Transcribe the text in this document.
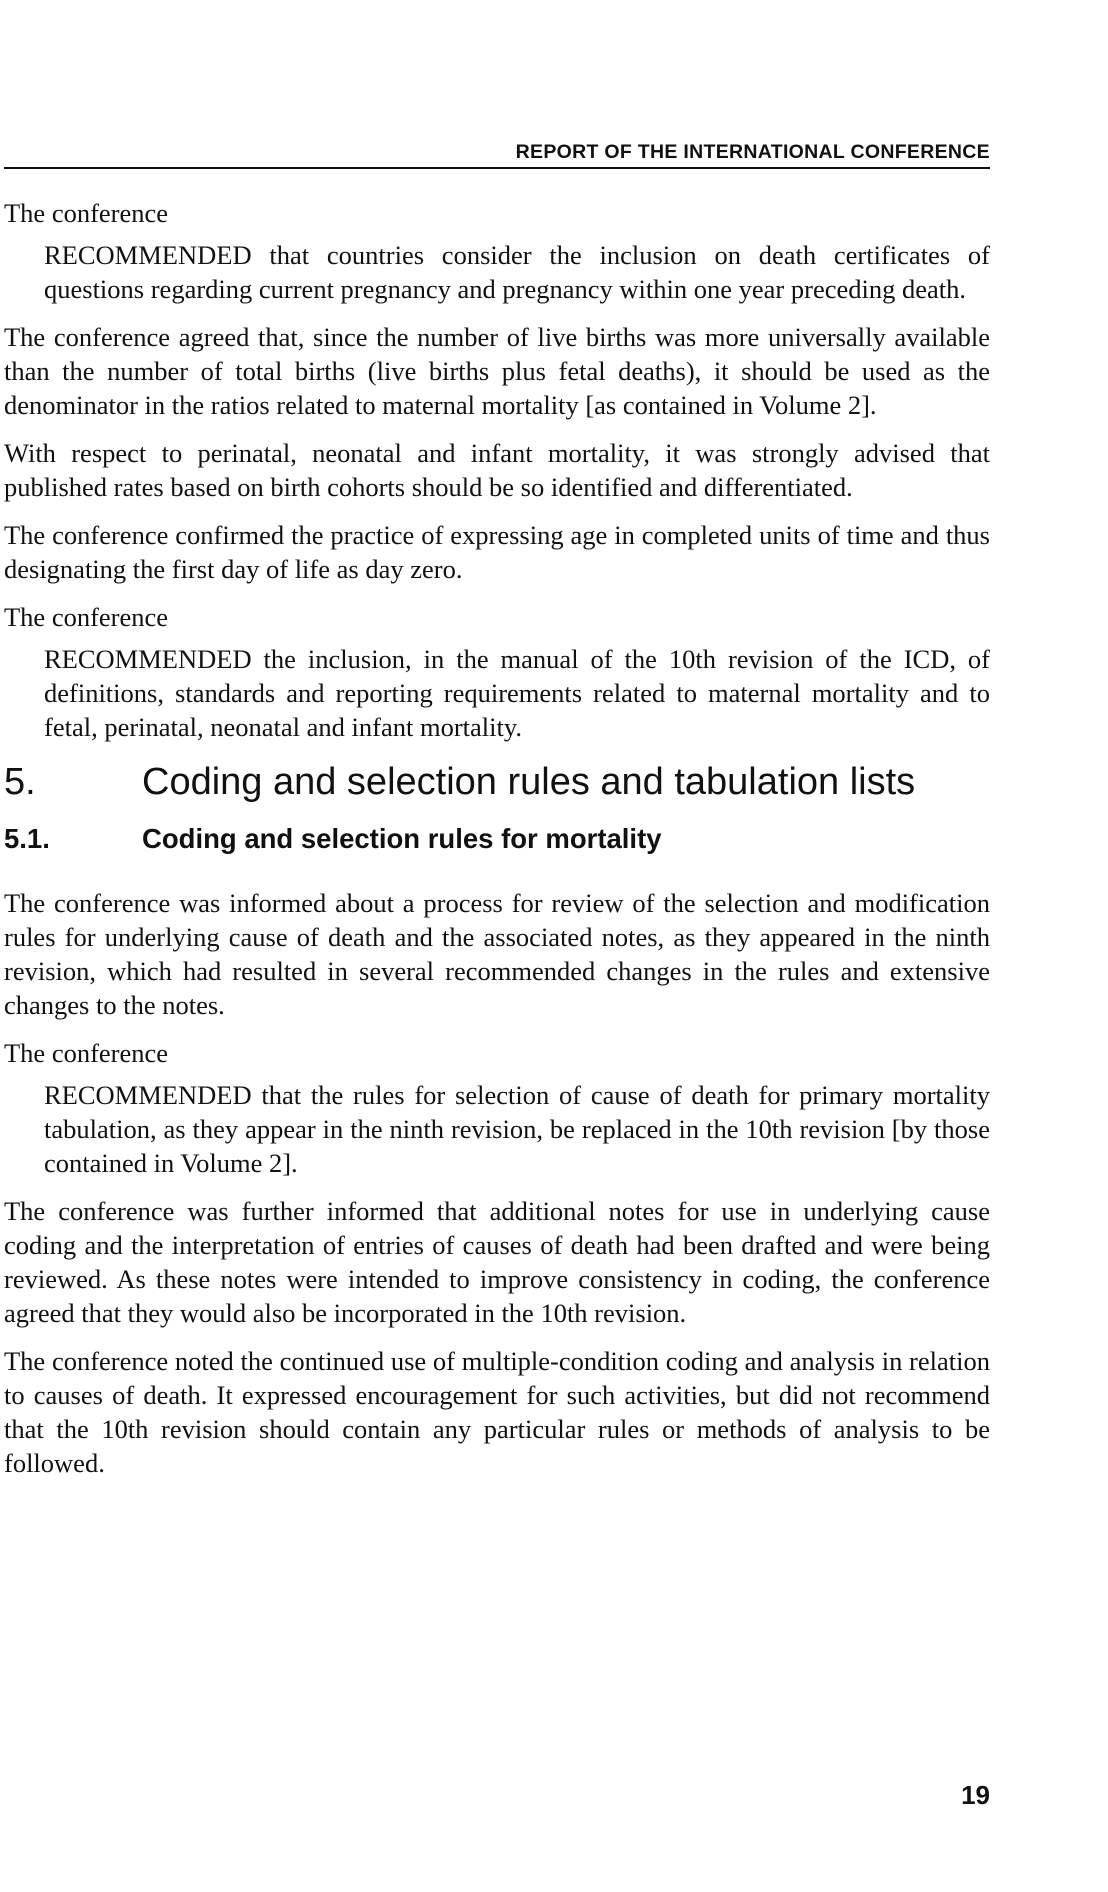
REPORT OF THE INTERNATIONAL CONFERENCE

The conference

RECOMMENDED that countries consider the inclusion on death certificates of questions regarding current pregnancy and pregnancy within one year preceding death.

The conference agreed that, since the number of live births was more universally available than the number of total births (live births plus fetal deaths), it should be used as the denominator in the ratios related to maternal mortality [as contained in Volume 2].

With respect to perinatal, neonatal and infant mortality, it was strongly advised that published rates based on birth cohorts should be so identified and differentiated.

The conference confirmed the practice of expressing age in completed units of time and thus designating the first day of life as day zero.

The conference

RECOMMENDED the inclusion, in the manual of the 10th revision of the ICD, of definitions, standards and reporting requirements related to maternal mortality and to fetal, perinatal, neonatal and infant mortality.

5.	Coding and selection rules and tabulation lists
5.1.	Coding and selection rules for mortality

The conference was informed about a process for review of the selection and modification rules for underlying cause of death and the associated notes, as they appeared in the ninth revision, which had resulted in several recommended changes in the rules and extensive changes to the notes.

The conference

RECOMMENDED that the rules for selection of cause of death for primary mortality tabulation, as they appear in the ninth revision, be replaced in the 10th revision [by those contained in Volume 2].

The conference was further informed that additional notes for use in underlying cause coding and the interpretation of entries of causes of death had been drafted and were being reviewed. As these notes were intended to improve consistency in coding, the conference agreed that they would also be incorporated in the 10th revision.

The conference noted the continued use of multiple-condition coding and analysis in relation to causes of death. It expressed encouragement for such activities, but did not recommend that the 10th revision should contain any particular rules or methods of analysis to be followed.

19
